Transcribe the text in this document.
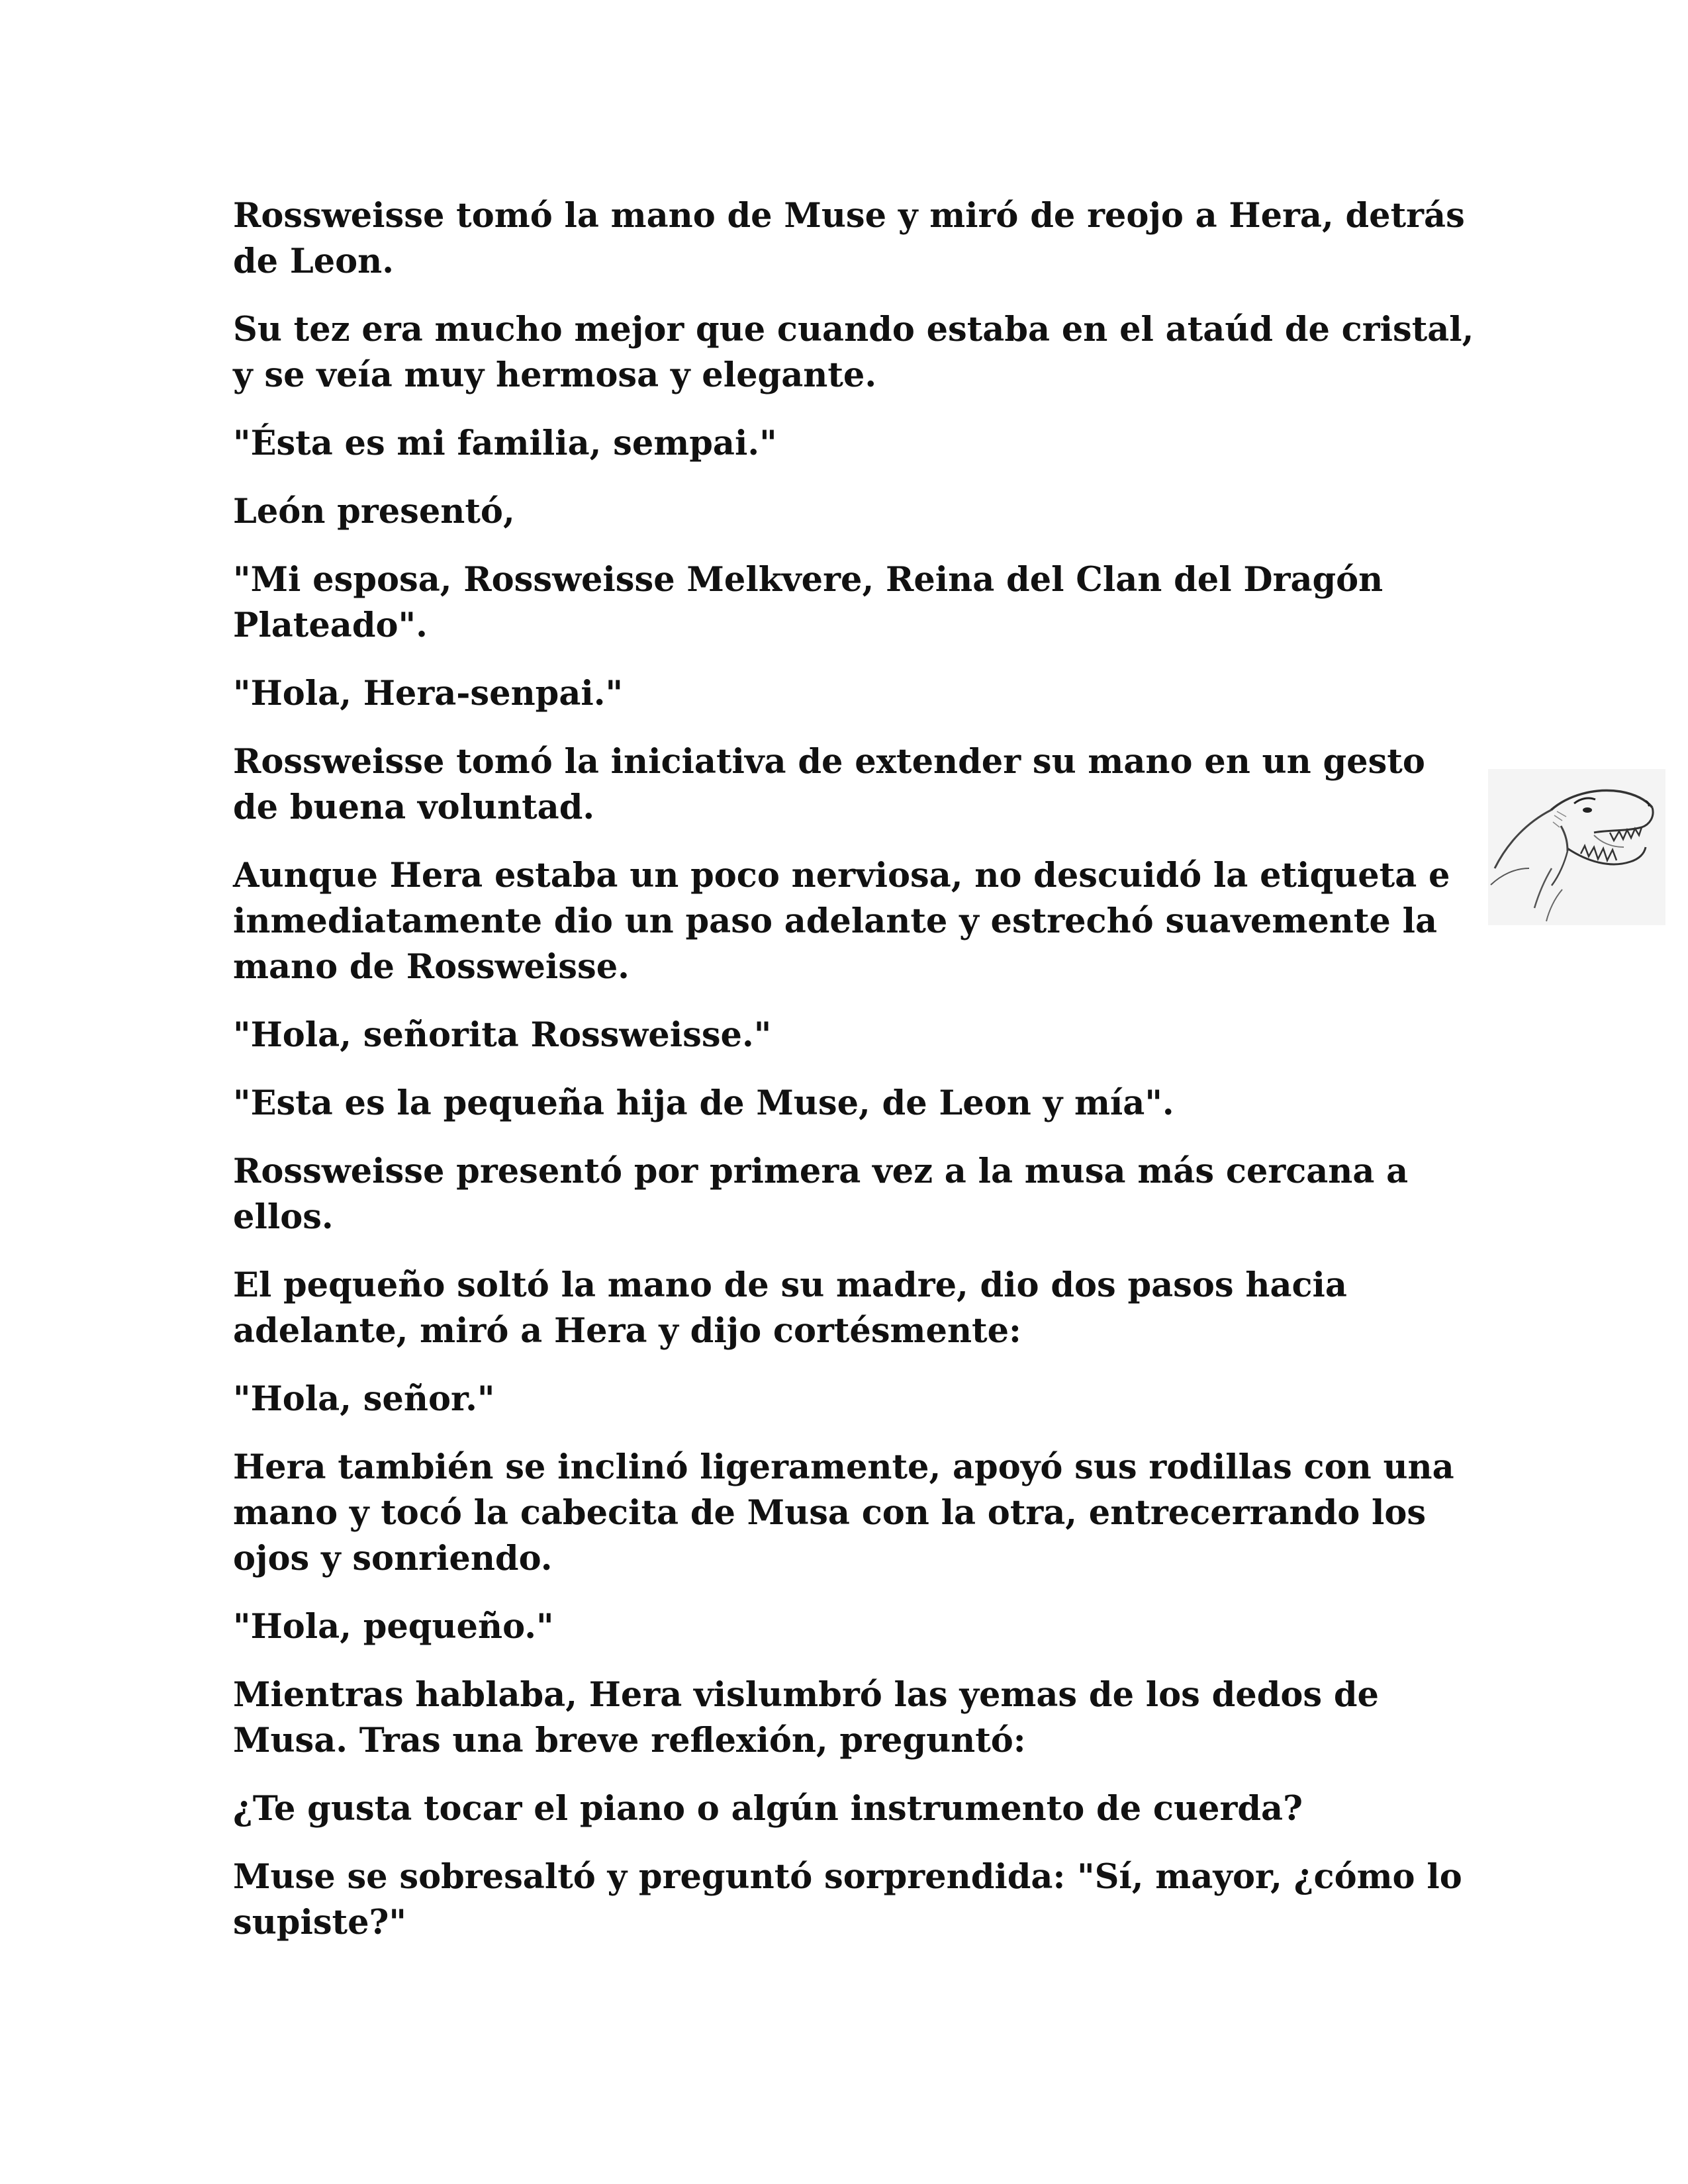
Rossweisse tomó la mano de Muse y miró de reojo a Hera, detrás de Leon.

Su tez era mucho mejor que cuando estaba en el ataúd de cristal, y se veía muy hermosa y elegante.

"Ésta es mi familia, sempai."

León presentó,

"Mi esposa, Rossweisse Melkvere, Reina del Clan del Dragón Plateado".

"Hola, Hera-senpai."

Rossweisse tomó la iniciativa de extender su mano en un gesto de buena voluntad.

Aunque Hera estaba un poco nerviosa, no descuidó la etiqueta e inmediatamente dio un paso adelante y estrechó suavemente la mano de Rossweisse.

"Hola, señorita Rossweisse."

"Esta es la pequeña hija de Muse, de Leon y mía".

Rossweisse presentó por primera vez a la musa más cercana a ellos.

El pequeño soltó la mano de su madre, dio dos pasos hacia adelante, miró a Hera y dijo cortésmente:

"Hola, señor."

Hera también se inclinó ligeramente, apoyó sus rodillas con una mano y tocó la cabecita de Musa con la otra, entrecerrando los ojos y sonriendo.

"Hola, pequeño."

Mientras hablaba, Hera vislumbró las yemas de los dedos de Musa. Tras una breve reflexión, preguntó:

¿Te gusta tocar el piano o algún instrumento de cuerda?

Muse se sobresaltó y preguntó sorprendida: "Sí, mayor, ¿cómo lo supiste?"
